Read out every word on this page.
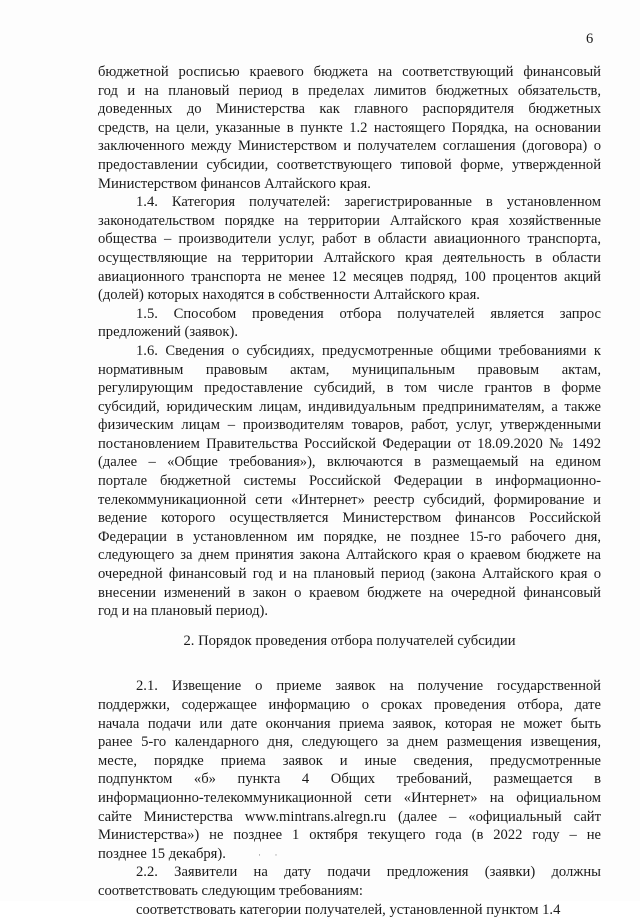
6
бюджетной росписью краевого бюджета на соответствующий финансовый
год и на плановый период в пределах лимитов бюджетных обязательств,
доведенных до Министерства как главного распорядителя бюджетных
средств, на цели, указанные в пункте 1.2 настоящего Порядка, на основании
заключенного между Министерством и получателем соглашения (договора) о
предоставлении субсидии, соответствующего типовой форме, утвержденной
Министерством финансов Алтайского края.
1.4. Категория получателей: зарегистрированные в установленном
законодательством порядке на территории Алтайского края хозяйственные
общества – производители услуг, работ в области авиационного транспорта,
осуществляющие на территории Алтайского края деятельность в области
авиационного транспорта не менее 12 месяцев подряд, 100 процентов акций
(долей) которых находятся в собственности Алтайского края.
1.5. Способом проведения отбора получателей является запрос
предложений (заявок).
1.6. Сведения о субсидиях, предусмотренные общими требованиями к
нормативным правовым актам, муниципальным правовым актам,
регулирующим предоставление субсидий, в том числе грантов в форме
субсидий, юридическим лицам, индивидуальным предпринимателям, а также
физическим лицам – производителям товаров, работ, услуг, утвержденными
постановлением Правительства Российской Федерации от 18.09.2020 № 1492
(далее – «Общие требования»), включаются в размещаемый на едином
портале бюджетной системы Российской Федерации в информационно-
телекоммуникационной сети «Интернет» реестр субсидий, формирование и
ведение которого осуществляется Министерством финансов Российской
Федерации в установленном им порядке, не позднее 15-го рабочего дня,
следующего за днем принятия закона Алтайского края о краевом бюджете на
очередной финансовый год и на плановый период (закона Алтайского края о
внесении изменений в закон о краевом бюджете на очередной финансовый
год и на плановый период).
2. Порядок проведения отбора получателей субсидии
2.1. Извещение о приеме заявок на получение государственной
поддержки, содержащее информацию о сроках проведения отбора, дате
начала подачи или дате окончания приема заявок, которая не может быть
ранее 5-го календарного дня, следующего за днем размещения извещения,
месте, порядке приема заявок и иные сведения, предусмотренные
подпунктом «б» пункта 4 Общих требований, размещается в
информационно-телекоммуникационной сети «Интернет» на официальном
сайте Министерства www.mintrans.alregn.ru (далее – «официальный сайт
Министерства») не позднее 1 октября текущего года (в 2022 году – не
позднее 15 декабря).
2.2. Заявители на дату подачи предложения (заявки) должны
соответствовать следующим требованиям:
соответствовать категории получателей, установленной пунктом 1.4
·      ·
